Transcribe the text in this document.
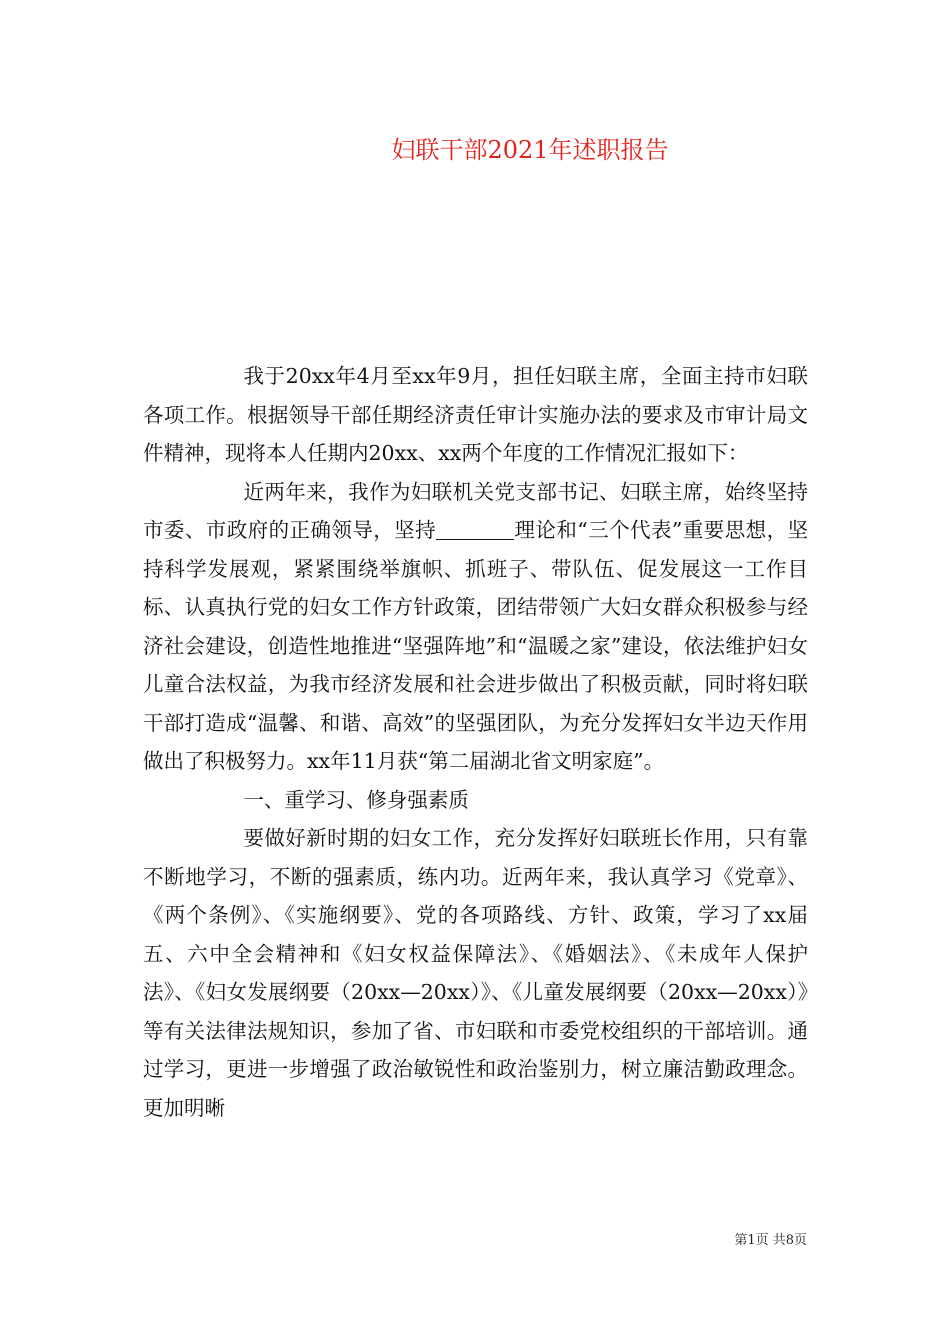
妇联干部2021年述职报告

我于20xx年4月至xx年9月，担任妇联主席，全面主持市妇联各项工作。根据领导干部任期经济责任审计实施办法的要求及市审计局文件精神，现将本人任期内20xx、xx两个年度的工作情况汇报如下：

近两年来，我作为妇联机关党支部书记、妇联主席，始终坚持市委、市政府的正确领导，坚持	理论和“三个代表”重要思想，坚持科学发展观，紧紧围绕举旗帜、抓班子、带队伍、促发展这一工作目标、认真执行党的妇女工作方针政策，团结带领广大妇女群众积极参与经济社会建设，创造性地推进“坚强阵地”和“温暖之家”建设，依法维护妇女儿童合法权益，为我市经济发展和社会进步做出了积极贡献，同时将妇联干部打造成“温馨、和谐、高效”的坚强团队，为充分发挥妇女半边天作用做出了积极努力。xx年11月获“第二届湖北省文明家庭”。

一、重学习、修身强素质

要做好新时期的妇女工作，充分发挥好妇联班长作用，只有靠不断地学习，不断的强素质，练内功。近两年来，我认真学习《党章》、《两个条例》、《实施纲要》、党的各项路线、方针、政策，学习了xx届五、六中全会精神和《妇女权益保障法》、《婚姻法》、《未成年人保护法》、《妇女发展纲要（20xx—20xx）》、《儿童发展纲要（20xx—20xx）》等有关法律法规知识，参加了省、市妇联和市委党校组织的干部培训。通过学习，更进一步增强了政治敏锐性和政治鉴别力，树立廉洁勤政理念。更加明晰

第1页 共8页
